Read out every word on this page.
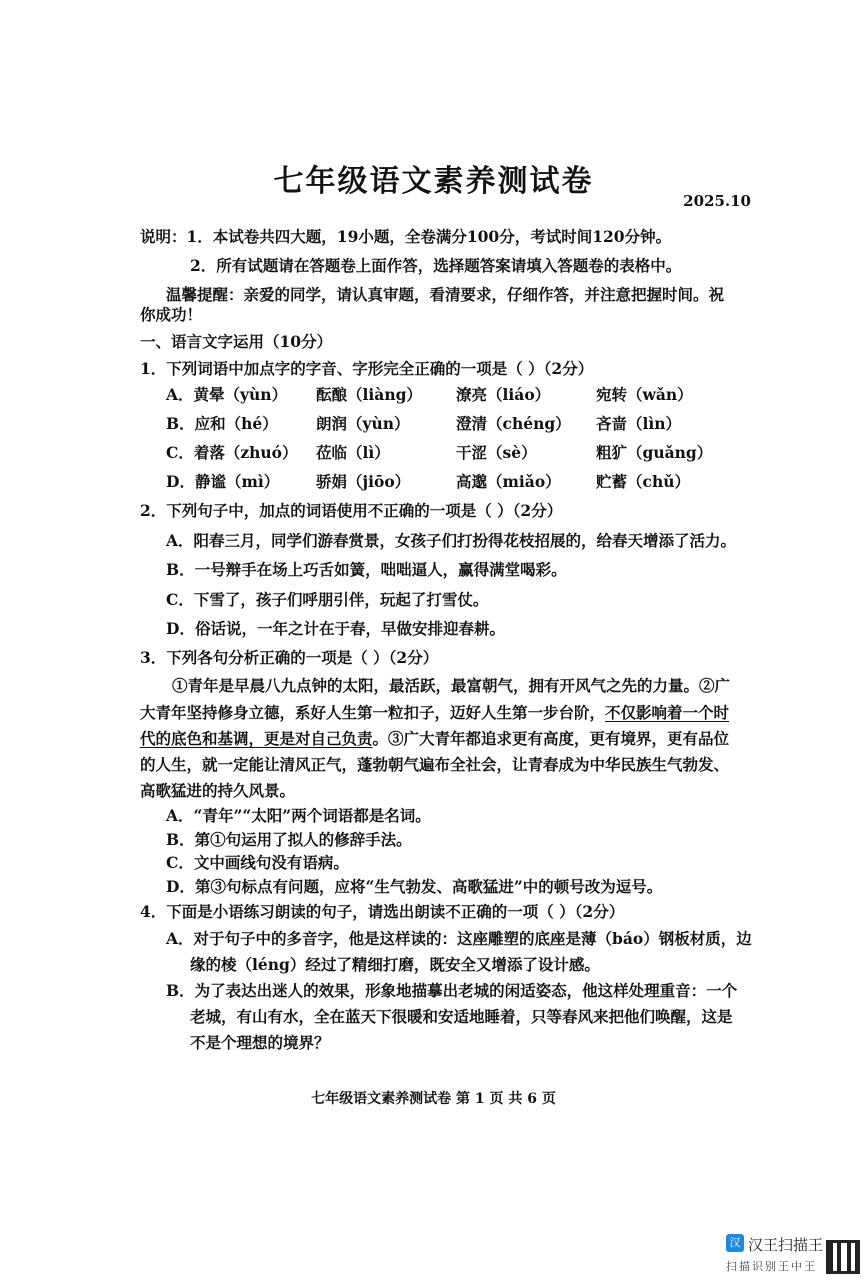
七年级语文素养测试卷
2025.10
说明：1．本试卷共四大题，19小题，全卷满分100分，考试时间120分钟。
2．所有试题请在答题卷上面作答，选择题答案请填入答题卷的表格中。
温馨提醒：亲爱的同学，请认真审题，看清要求，仔细作答，并注意把握时间。祝
你成功！
一、语言文字运用（10分）
1．下列词语中加点字的字音、字形完全正确的一项是（ ）（2分）
A．黄晕（yùn） 酝酿（liàng） 潦亮（liáo）	宛转（wǎn）
B．应和（hé） 朗润（yùn）	澄清（chéng） 吝啬（lìn）
C．着落（zhuó） 莅临（lì）	干涩（sè）	粗犷（guǎng）
D．静谧（mì） 骄娟（jiōo）	高邈（miǎo） 贮蓄（chǔ）
2．下列句子中，加点的词语使用不正确的一项是（ ）（2分）
A．阳春三月，同学们游春赏景，女孩子们打扮得花枝招展的，给春天增添了活力。
B．一号辩手在场上巧舌如簧，咄咄逼人，赢得满堂喝彩。
C．下雪了，孩子们呼朋引伴，玩起了打雪仗。
D．俗话说，一年之计在于春，早做安排迎春耕。
3．下列各句分析正确的一项是（ ）（2分）
①青年是早晨八九点钟的太阳，最活跃，最富朝气，拥有开风气之先的力量。②广
大青年坚持修身立德，系好人生第一粒扣子，迈好人生第一步台阶，不仅影响着一个时
代的底色和基调，更是对自己负责。③广大青年都追求更有高度，更有境界，更有品位
的人生，就一定能让清风正气，蓬勃朝气遍布全社会，让青春成为中华民族生气勃发、
高歌猛进的持久风景。
A．“青年”“太阳”两个词语都是名词。
B．第①句运用了拟人的修辞手法。
C．文中画线句没有语病。
D．第③句标点有问题，应将“生气勃发、高歌猛进”中的顿号改为逗号。
4．下面是小语练习朗读的句子，请选出朗读不正确的一项（ ）（2分）
A．对于句子中的多音字，他是这样读的：这座雕塑的底座是薄（báo）钢板材质，边
缘的棱（léng）经过了精细打磨，既安全又增添了设计感。
B．为了表达出迷人的效果，形象地描摹出老城的闲适姿态，他这样处理重音：一个
老城，有山有水，全在蓝天下很暖和安适地睡着，只等春风来把他们唤醒，这是
不是个理想的境界？
七年级语文素养测试卷 第 1 页 共 6 页
汉 汉王扫描王
扫描识别王中王
